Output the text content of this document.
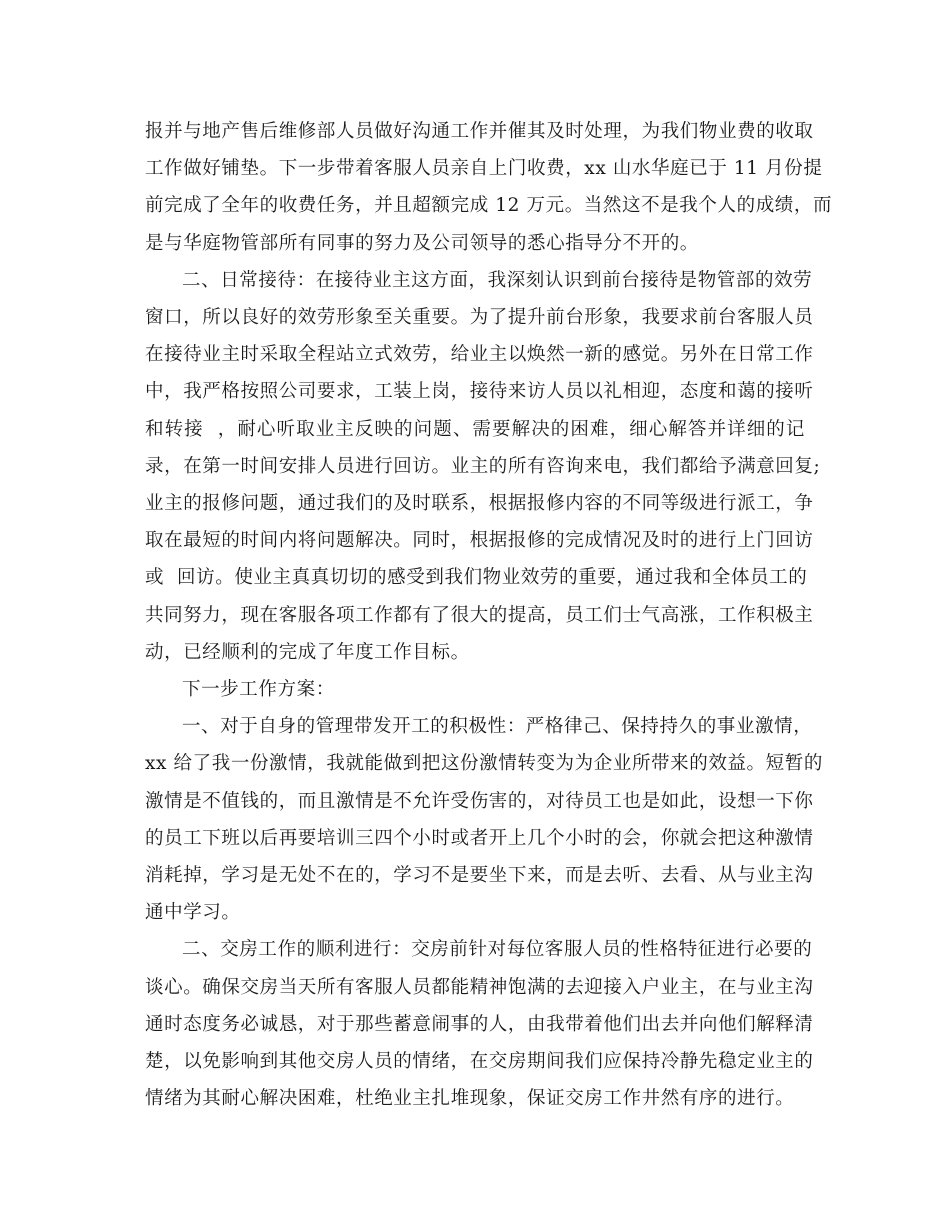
报并与地产售后维修部人员做好沟通工作并催其及时处理，为我们物业费的收取
工作做好铺垫。下一步带着客服人员亲自上门收费，xx 山水华庭已于 11 月份提
前完成了全年的收费任务，并且超额完成 12 万元。当然这不是我个人的成绩，而
是与华庭物管部所有同事的努力及公司领导的悉心指导分不开的。

二、日常接待：在接待业主这方面，我深刻认识到前台接待是物管部的效劳
窗口，所以良好的效劳形象至关重要。为了提升前台形象，我要求前台客服人员
在接待业主时采取全程站立式效劳，给业主以焕然一新的感觉。另外在日常工作
中，我严格按照公司要求，工装上岗，接待来访人员以礼相迎，态度和蔼的接听
和转接  ，耐心听取业主反映的问题、需要解决的困难，细心解答并详细的记
录，在第一时间安排人员进行回访。业主的所有咨询来电，我们都给予满意回复;
业主的报修问题，通过我们的及时联系，根据报修内容的不同等级进行派工，争
取在最短的时间内将问题解决。同时，根据报修的完成情况及时的进行上门回访
或  回访。使业主真真切切的感受到我们物业效劳的重要，通过我和全体员工的
共同努力，现在客服各项工作都有了很大的提高，员工们士气高涨，工作积极主
动，已经顺利的完成了年度工作目标。

下一步工作方案：

一、对于自身的管理带发开工的积极性：严格律己、保持持久的事业激情，
xx 给了我一份激情，我就能做到把这份激情转变为为企业所带来的效益。短暂的
激情是不值钱的，而且激情是不允许受伤害的，对待员工也是如此，设想一下你
的员工下班以后再要培训三四个小时或者开上几个小时的会，你就会把这种激情
消耗掉，学习是无处不在的，学习不是要坐下来，而是去听、去看、从与业主沟
通中学习。

二、交房工作的顺利进行：交房前针对每位客服人员的性格特征进行必要的
谈心。确保交房当天所有客服人员都能精神饱满的去迎接入户业主，在与业主沟
通时态度务必诚恳，对于那些蓄意闹事的人，由我带着他们出去并向他们解释清
楚，以免影响到其他交房人员的情绪，在交房期间我们应保持冷静先稳定业主的
情绪为其耐心解决困难，杜绝业主扎堆现象，保证交房工作井然有序的进行。
